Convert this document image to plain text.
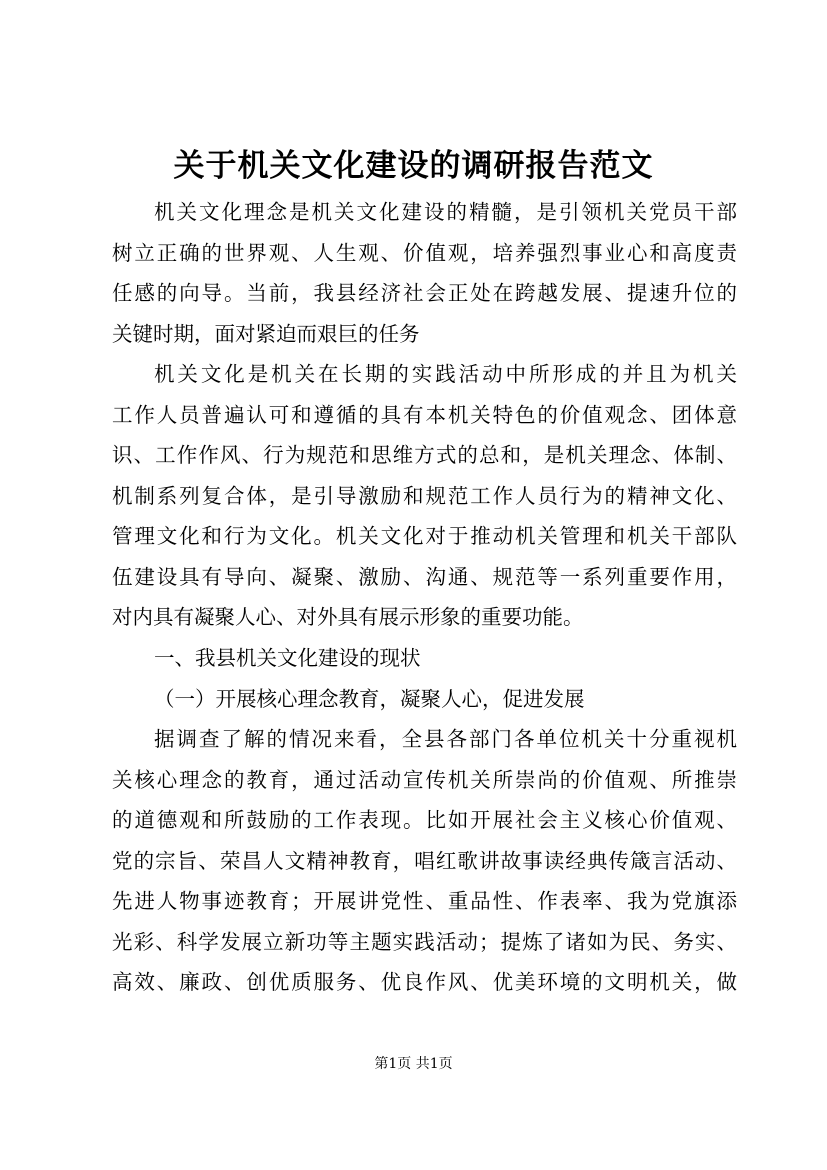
关于机关文化建设的调研报告范文
机关文化理念是机关文化建设的精髓，是引领机关党员干部
树立正确的世界观、人生观、价值观，培养强烈事业心和高度责
任感的向导。当前，我县经济社会正处在跨越发展、提速升位的
关键时期，面对紧迫而艰巨的任务
机关文化是机关在长期的实践活动中所形成的并且为机关
工作人员普遍认可和遵循的具有本机关特色的价值观念、团体意
识、工作作风、行为规范和思维方式的总和，是机关理念、体制、
机制系列复合体，是引导激励和规范工作人员行为的精神文化、
管理文化和行为文化。机关文化对于推动机关管理和机关干部队
伍建设具有导向、凝聚、激励、沟通、规范等一系列重要作用，
对内具有凝聚人心、对外具有展示形象的重要功能。
一、我县机关文化建设的现状
（一）开展核心理念教育，凝聚人心，促进发展
据调查了解的情况来看，全县各部门各单位机关十分重视机
关核心理念的教育，通过活动宣传机关所崇尚的价值观、所推崇
的道德观和所鼓励的工作表现。比如开展社会主义核心价值观、
党的宗旨、荣昌人文精神教育，唱红歌讲故事读经典传箴言活动、
先进人物事迹教育；开展讲党性、重品性、作表率、我为党旗添
光彩、科学发展立新功等主题实践活动；提炼了诸如为民、务实、
高效、廉政、创优质服务、优良作风、优美环境的文明机关，做
第1页 共1页
